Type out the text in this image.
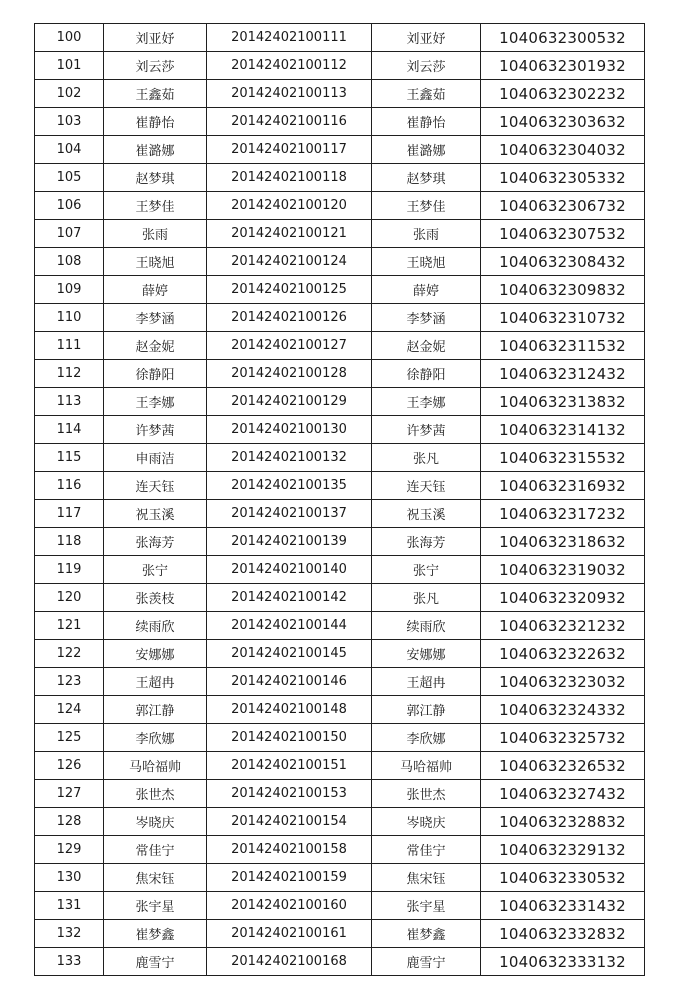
100	刘亚妤	20142402100111	刘亚妤	1040632300532
101	刘云莎	20142402100112	刘云莎	1040632301932
102	王鑫茹	20142402100113	王鑫茹	1040632302232
103	崔静怡	20142402100116	崔静怡	1040632303632
104	崔潞娜	20142402100117	崔潞娜	1040632304032
105	赵梦琪	20142402100118	赵梦琪	1040632305332
106	王梦佳	20142402100120	王梦佳	1040632306732
107	张雨	20142402100121	张雨	1040632307532
108	王晓旭	20142402100124	王晓旭	1040632308432
109	薛婷	20142402100125	薛婷	1040632309832
110	李梦涵	20142402100126	李梦涵	1040632310732
111	赵金妮	20142402100127	赵金妮	1040632311532
112	徐静阳	20142402100128	徐静阳	1040632312432
113	王李娜	20142402100129	王李娜	1040632313832
114	许梦茜	20142402100130	许梦茜	1040632314132
115	申雨洁	20142402100132	张凡	1040632315532
116	连天钰	20142402100135	连天钰	1040632316932
117	祝玉溪	20142402100137	祝玉溪	1040632317232
118	张海芳	20142402100139	张海芳	1040632318632
119	张宁	20142402100140	张宁	1040632319032
120	张羡枝	20142402100142	张凡	1040632320932
121	续雨欣	20142402100144	续雨欣	1040632321232
122	安娜娜	20142402100145	安娜娜	1040632322632
123	王超冉	20142402100146	王超冉	1040632323032
124	郭江静	20142402100148	郭江静	1040632324332
125	李欣娜	20142402100150	李欣娜	1040632325732
126	马哈福帅	20142402100151	马哈福帅	1040632326532
127	张世杰	20142402100153	张世杰	1040632327432
128	岑晓庆	20142402100154	岑晓庆	1040632328832
129	常佳宁	20142402100158	常佳宁	1040632329132
130	焦宋钰	20142402100159	焦宋钰	1040632330532
131	张宇星	20142402100160	张宇星	1040632331432
132	崔梦鑫	20142402100161	崔梦鑫	1040632332832
133	鹿雪宁	20142402100168	鹿雪宁	1040632333132
